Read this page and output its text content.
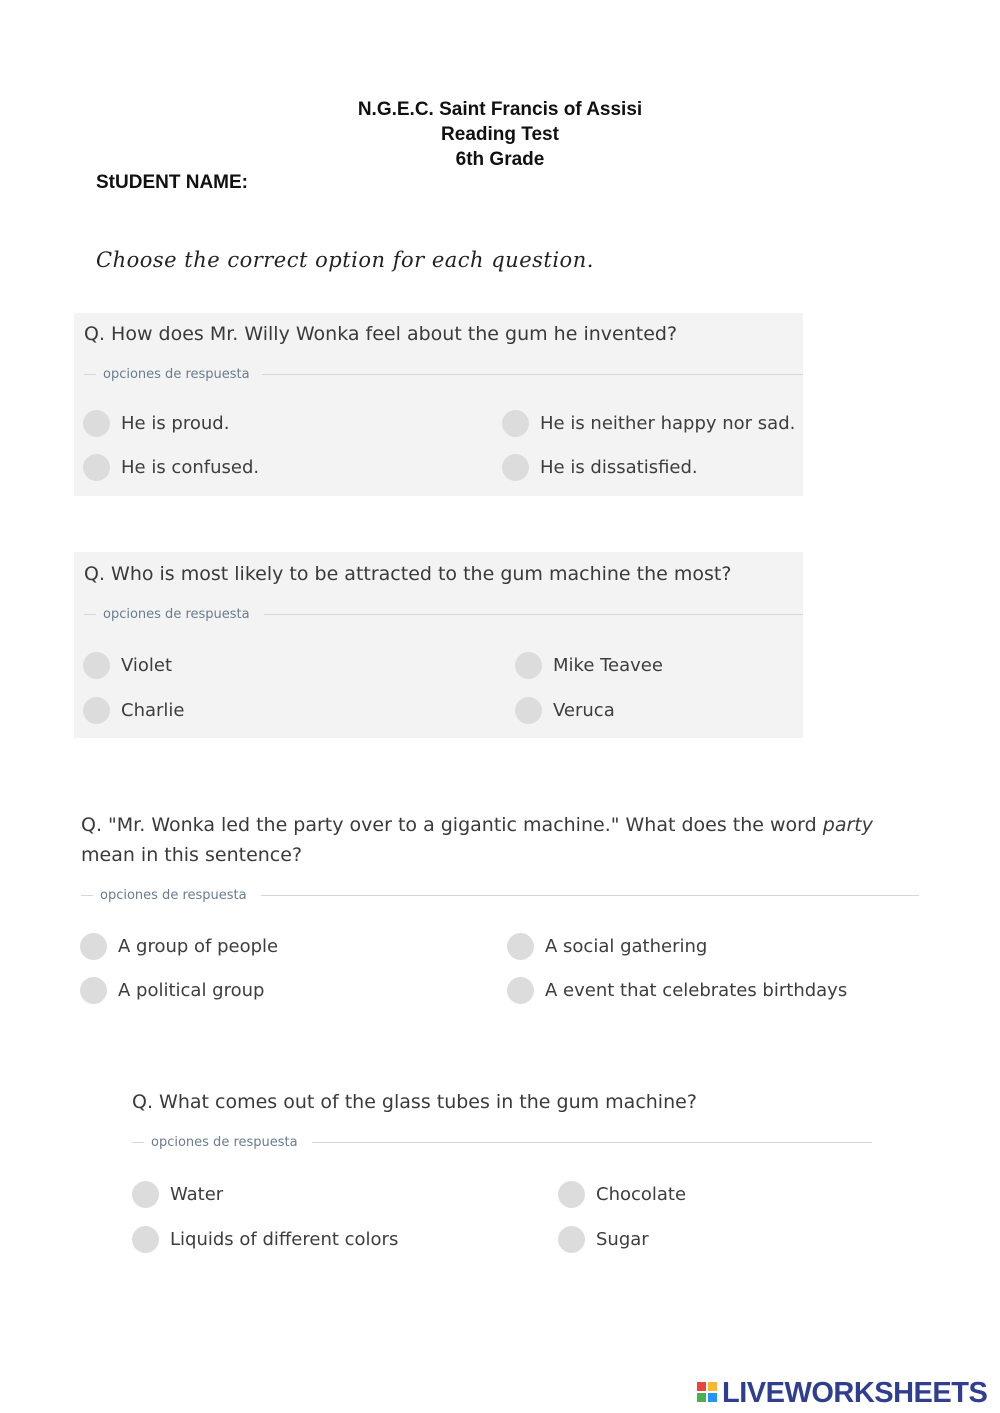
N.G.E.C. Saint Francis of Assisi
Reading Test
6th Grade
StUDENT NAME:
Choose the correct option for each question.
Q. How does Mr. Willy Wonka feel about the gum he invented?
opciones de respuesta
He is proud.	He is neither happy nor sad.
He is confused.	He is dissatisfied.
Q. Who is most likely to be attracted to the gum machine the most?
opciones de respuesta
Violet	Mike Teavee
Charlie	Veruca
Q. "Mr. Wonka led the party over to a gigantic machine." What does the word party
mean in this sentence?
opciones de respuesta
A group of people	A social gathering
A political group	A event that celebrates birthdays
Q. What comes out of the glass tubes in the gum machine?
opciones de respuesta
Water	Chocolate
Liquids of different colors	Sugar
LIVEWORKSHEETS
